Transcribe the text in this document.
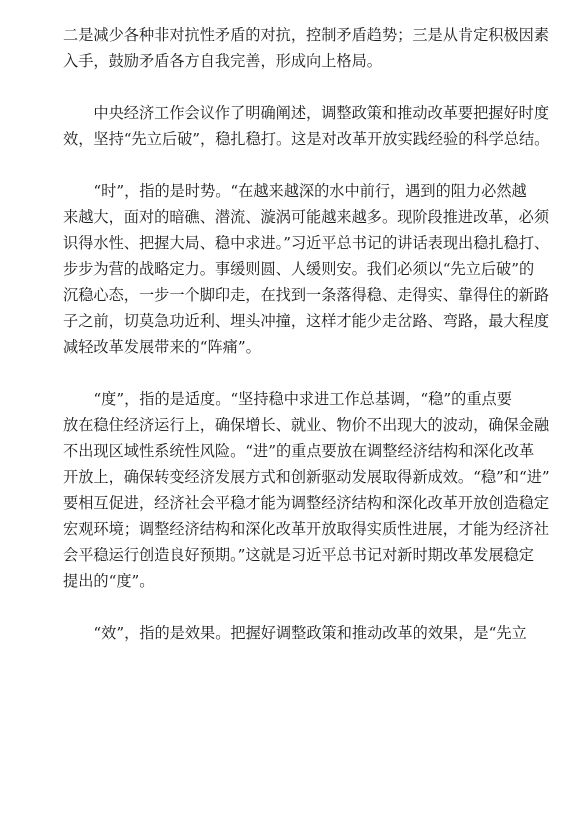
二是减少各种非对抗性矛盾的对抗，控制矛盾趋势；三是从肯定积极因素
入手，鼓励矛盾各方自我完善，形成向上格局。
　　中央经济工作会议作了明确阐述，调整政策和推动改革要把握好时度
效，坚持“先立后破”，稳扎稳打。这是对改革开放实践经验的科学总结。
　　“时”，指的是时势。“在越来越深的水中前行，遇到的阻力必然越
来越大，面对的暗礁、潜流、漩涡可能越来越多。现阶段推进改革，必须
识得水性、把握大局、稳中求进。”习近平总书记的讲话表现出稳扎稳打、
步步为营的战略定力。事缓则圆、人缓则安。我们必须以“先立后破”的
沉稳心态，一步一个脚印走，在找到一条落得稳、走得实、靠得住的新路
子之前，切莫急功近利、埋头冲撞，这样才能少走岔路、弯路，最大程度
减轻改革发展带来的“阵痛”。
　　“度”，指的是适度。“坚持稳中求进工作总基调，“稳”的重点要
放在稳住经济运行上，确保增长、就业、物价不出现大的波动，确保金融
不出现区域性系统性风险。“进”的重点要放在调整经济结构和深化改革
开放上，确保转变经济发展方式和创新驱动发展取得新成效。“稳”和“进”
要相互促进，经济社会平稳才能为调整经济结构和深化改革开放创造稳定
宏观环境；调整经济结构和深化改革开放取得实质性进展，才能为经济社
会平稳运行创造良好预期。”这就是习近平总书记对新时期改革发展稳定
提出的“度”。
　　“效”，指的是效果。把握好调整政策和推动改革的效果，是“先立
